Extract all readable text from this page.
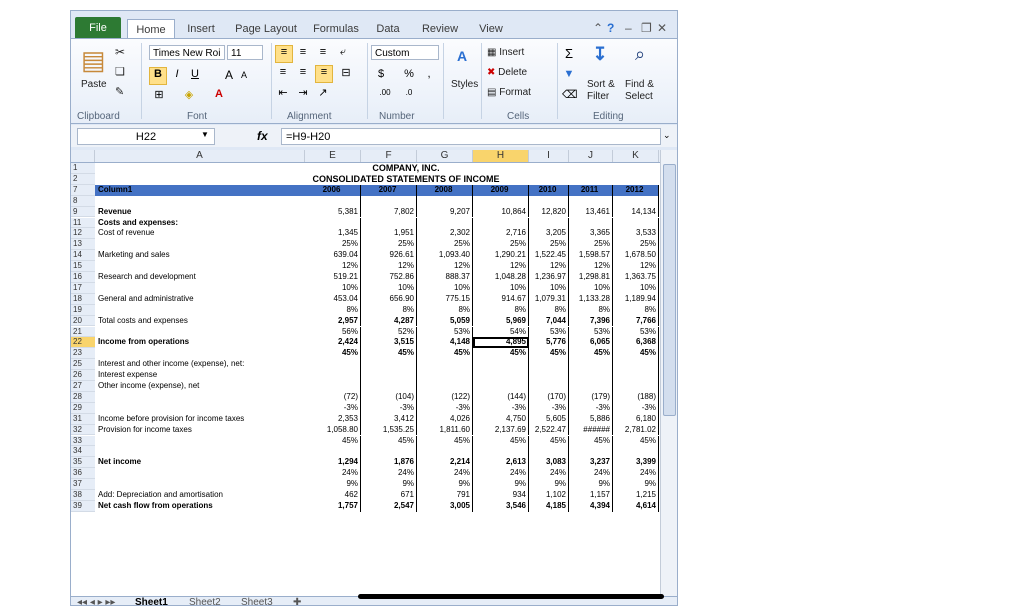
File	Home	Insert	Page Layout	Formulas	Data	Review	View	⌃ ? – ❐ ✕
▤
Paste
✂
❏
✎
Clipboard
Times New Roi	11
B	I	U	A A
⊞	◈	A
Font
≡	≡	≡	⤶
≡	≡	≡	⊟
⇤ ⇥ ↗
Alignment
Custom
$	%	,
.00	.0
Number
A
Styles
▦ Insert
✖ Delete
▤ Format
Cells
Σ
▼
⌫
↧	⌕
Sort &
Filter
Find &
Select
Editing
H22	▼	fx	=H9-H20	⌄
A	E	F	G	H	I	J	K
1	COMPANY, INC.
2	CONSOLIDATED STATEMENTS OF INCOME
7	Column1	2006	2007	2008	2009	2010	2011	2012
8
9	Revenue	5,381	7,802	9,207	10,864	12,820	13,461	14,134
11	Costs and expenses:
12	Cost of revenue	1,345	1,951	2,302	2,716	3,205	3,365	3,533
13	25%	25%	25%	25%	25%	25%	25%
14	Marketing and sales	639.04	926.61	1,093.40	1,290.21	1,522.45	1,598.57	1,678.50
15	12%	12%	12%	12%	12%	12%	12%
16	Research and development	519.21	752.86	888.37	1,048.28	1,236.97	1,298.81	1,363.75
17	10%	10%	10%	10%	10%	10%	10%
18	General and administrative	453.04	656.90	775.15	914.67	1,079.31	1,133.28	1,189.94
19	8%	8%	8%	8%	8%	8%	8%
20	Total costs and expenses	2,957	4,287	5,059	5,969	7,044	7,396	7,766
21	56%	52%	53%	54%	53%	53%	53%
22	Income from operations	2,424	3,515	4,148	4,895	5,776	6,065	6,368
23	45%	45%	45%	45%	45%	45%	45%
25	Interest and other income (expense), net:
26	Interest expense
27	Other income (expense), net
28	(72)	(104)	(122)	(144)	(170)	(179)	(188)
29	-3%	-3%	-3%	-3%	-3%	-3%	-3%
31	Income before provision for income taxes	2,353	3,412	4,026	4,750	5,605	5,886	6,180
32	Provision for income taxes	1,058.80	1,535.25	1,811.60	2,137.69	2,522.47	######	2,781.02
33	45%	45%	45%	45%	45%	45%	45%
34
35	Net income	1,294	1,876	2,214	2,613	3,083	3,237	3,399
36	24%	24%	24%	24%	24%	24%	24%
37	9%	9%	9%	9%	9%	9%	9%
38	Add: Depreciation and amortisation	462	671	791	934	1,102	1,157	1,215
39	Net cash flow from operations	1,757	2,547	3,005	3,546	4,185	4,394	4,614
◂◂ ◂ ▸ ▸▸ Sheet1 Sheet2 Sheet3 ✚
